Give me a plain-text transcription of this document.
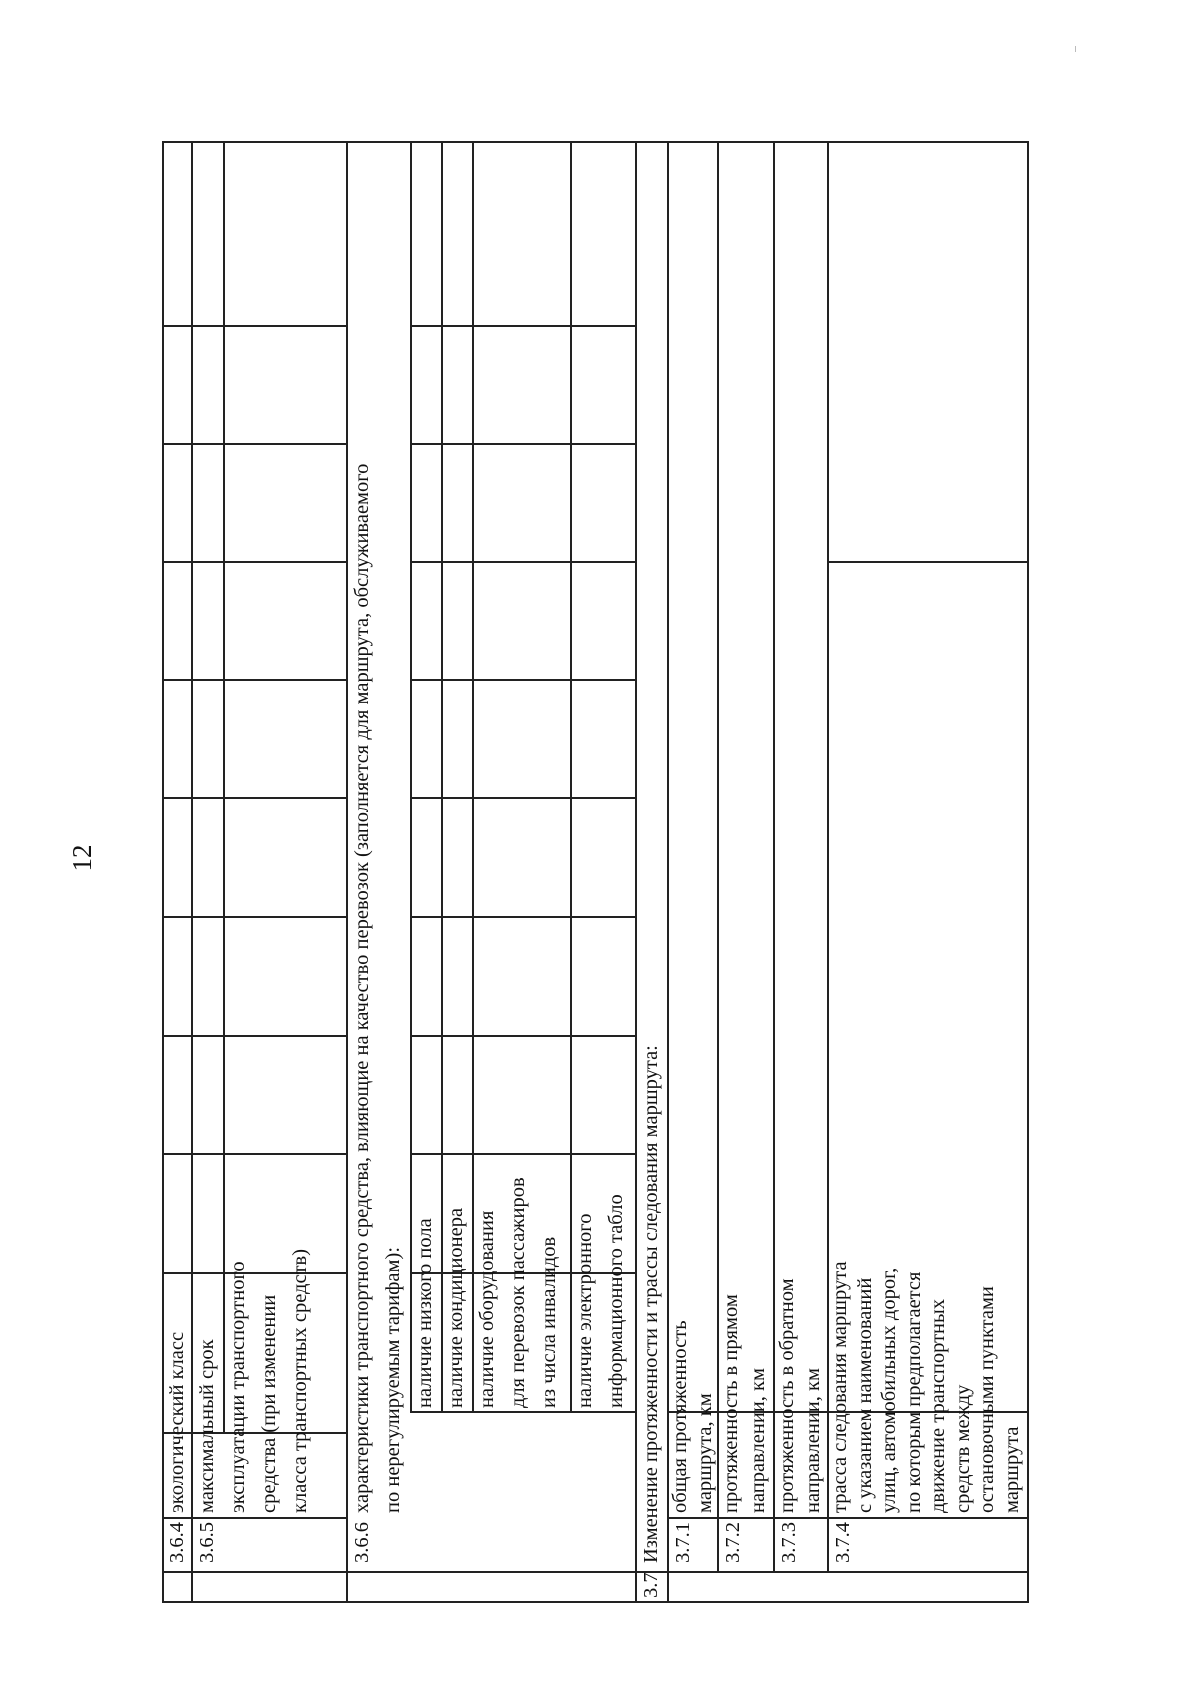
12
3.6.4
экологический класс
3.6.5
максимальный срок
эксплуатации транспортного
средства (при изменении
класса транспортных средств)
3.6.6
характеристики транспортного средства, влияющие на качество перевозок (заполняется для маршрута, обслуживаемого
по нерегулируемым тарифам): наличие низкого пола наличие кондиционера наличие оборудования
для перевозок пассажиров
из числа инвалидов
наличие электронного
информационного табло
3.7
Изменение протяженности и трассы следования маршрута: 3.7.1
общая протяженность
маршрута, км
3.7.2
протяженность в прямом
направлении, км
3.7.3
протяженность в обратном
направлении, км
3.7.4
трасса следования маршрута
с указанием наименований
улиц, автомобильных дорог,
по которым предполагается
движение транспортных
средств между
остановочными пунктами
маршрута
